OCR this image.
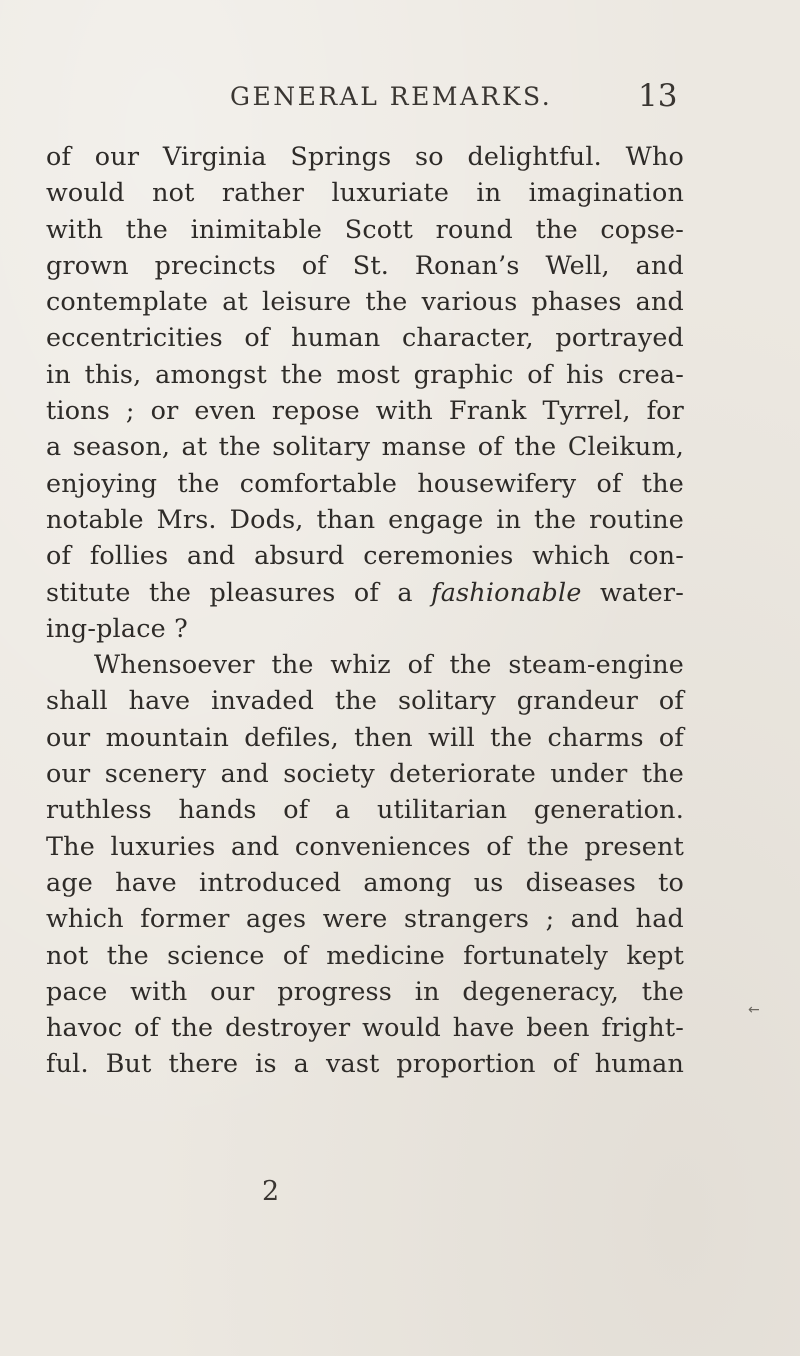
GENERAL REMARKS.	13
of our Virginia Springs so delightful. Who
would not rather luxuriate in imagination
with the inimitable Scott round the copse-
grown precincts of St. Ronan’s Well, and
contemplate at leisure the various phases and
eccentricities of human character, portrayed
in this, amongst the most graphic of his crea-
tions ; or even repose with Frank Tyrrel, for
a season, at the solitary manse of the Cleikum,
enjoying the comfortable housewifery of the
notable Mrs. Dods, than engage in the routine
of follies and absurd ceremonies which con-
stitute the pleasures of a fashionable water-
ing-place ?
Whensoever the whiz of the steam-engine
shall have invaded the solitary grandeur of
our mountain defiles, then will the charms of
our scenery and society deteriorate under the
ruthless hands of a utilitarian generation.
The luxuries and conveniences of the present
age have introduced among us diseases to
which former ages were strangers ; and had
not the science of medicine fortunately kept
pace with our progress in degeneracy, the
havoc of the destroyer would have been fright-
ful. But there is a vast proportion of human
2
←
